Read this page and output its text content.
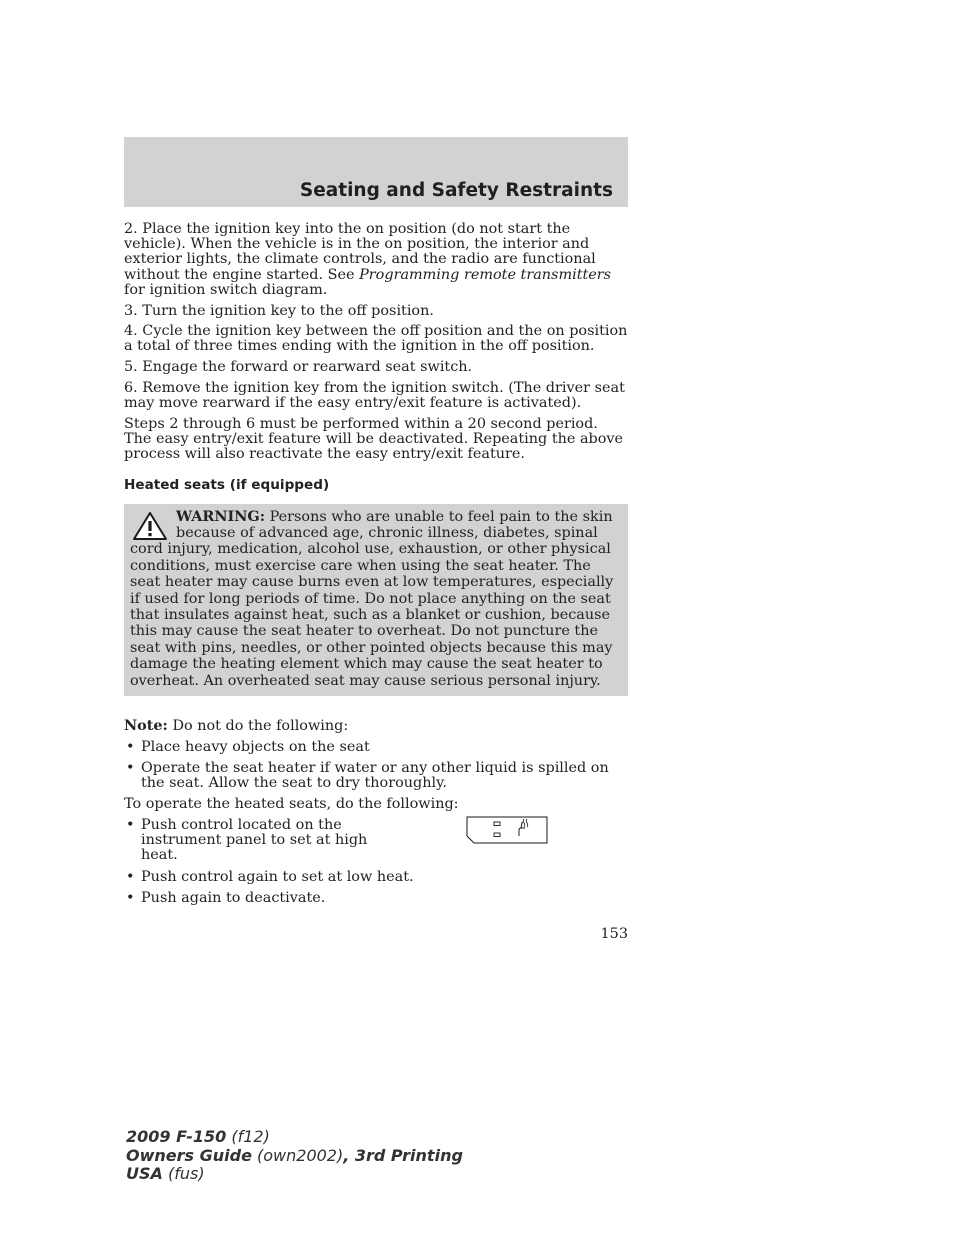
Seating and Safety Restraints

2. Place the ignition key into the on position (do not start the vehicle). When the vehicle is in the on position, the interior and exterior lights, the climate controls, and the radio are functional without the engine started. See Programming remote transmitters for ignition switch diagram.

3. Turn the ignition key to the off position.

4. Cycle the ignition key between the off position and the on position a total of three times ending with the ignition in the off position.

5. Engage the forward or rearward seat switch.

6. Remove the ignition key from the ignition switch. (The driver seat may move rearward if the easy entry/exit feature is activated).

Steps 2 through 6 must be performed within a 20 second period. The easy entry/exit feature will be deactivated. Repeating the above process will also reactivate the easy entry/exit feature.

Heated seats (if equipped)
WARNING: Persons who are unable to feel pain to the skin because of advanced age, chronic illness, diabetes, spinal cord injury, medication, alcohol use, exhaustion, or other physical conditions, must exercise care when using the seat heater. The seat heater may cause burns even at low temperatures, especially if used for long periods of time. Do not place anything on the seat that insulates against heat, such as a blanket or cushion, because this may cause the seat heater to overheat. Do not puncture the seat with pins, needles, or other pointed objects because this may damage the heating element which may cause the seat heater to overheat. An overheated seat may cause serious personal injury.

Note: Do not do the following:

• Place heavy objects on the seat
• Operate the seat heater if water or any other liquid is spilled on the seat. Allow the seat to dry thoroughly.

To operate the heated seats, do the following:

• Push control located on the instrument panel to set at high heat.
• Push control again to set at low heat.
• Push again to deactivate.
153
2009 F-150 (f12)
Owners Guide (own2002), 3rd Printing
USA (fus)
